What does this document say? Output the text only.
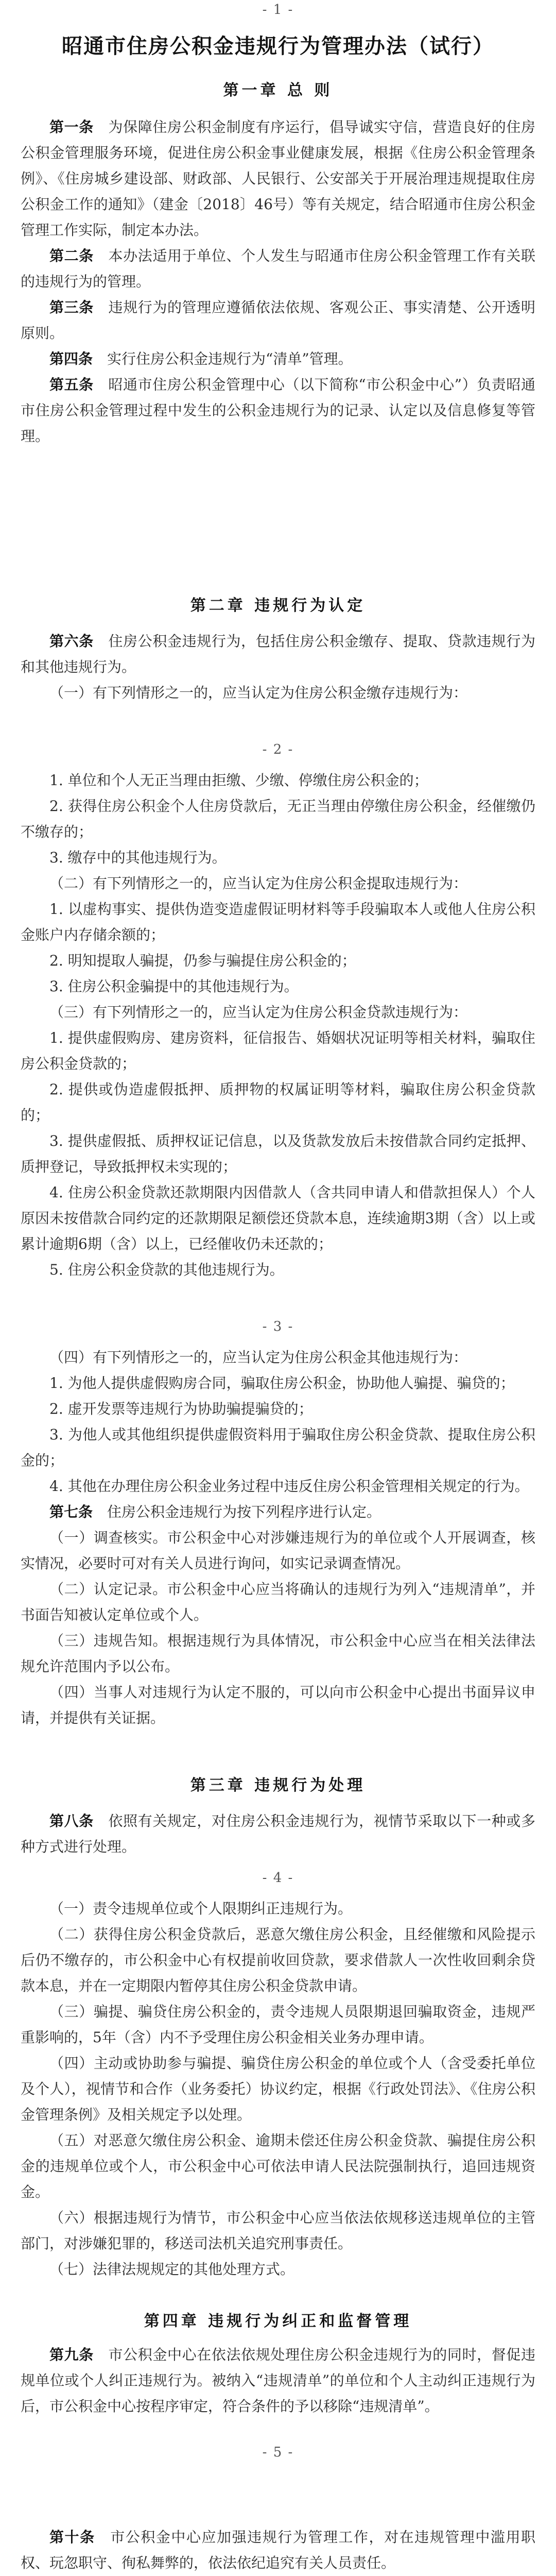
- 1 -
昭通市住房公积金违规行为管理办法（试行）
第一章 总 则

第一条　 为保障住房公积金制度有序运行，倡导诚实守信，营造良好的住房公积金管理服务环境，促进住房公积金事业健康发展，根据《住房公积金管理条例》、《住房城乡建设部、财政部、人民银行、公安部关于开展治理违规提取住房公积金工作的通知》（建金〔2018〕46号）等有关规定，结合昭通市住房公积金管理工作实际，制定本办法。

第二条　 本办法适用于单位、个人发生与昭通市住房公积金管理工作有关联的违规行为的管理。

第三条　 违规行为的管理应遵循依法依规、客观公正、事实清楚、公开透明原则。

第四条　 实行住房公积金违规行为“清单”管理。

第五条　 昭通市住房公积金管理中心（以下简称“市公积金中心”）负责昭通市住房公积金管理过程中发生的公积金违规行为的记录、认定以及信息修复等管理。

第二章 违规行为认定

第六条　 住房公积金违规行为，包括住房公积金缴存、提取、贷款违规行为和其他违规行为。

（一）有下列情形之一的，应当认定为住房公积金缴存违规行为：

- 2 -

1. 单位和个人无正当理由拒缴、少缴、停缴住房公积金的；

2. 获得住房公积金个人住房贷款后，无正当理由停缴住房公积金，经催缴仍不缴存的；

3. 缴存中的其他违规行为。

（二）有下列情形之一的，应当认定为住房公积金提取违规行为：

1. 以虚构事实、提供伪造变造虚假证明材料等手段骗取本人或他人住房公积金账户内存储余额的；

2. 明知提取人骗提，仍参与骗提住房公积金的；

3. 住房公积金骗提中的其他违规行为。

（三）有下列情形之一的，应当认定为住房公积金贷款违规行为：

1. 提供虚假购房、建房资料，征信报告、婚姻状况证明等相关材料，骗取住房公积金贷款的；

2. 提供或伪造虚假抵押、质押物的权属证明等材料，骗取住房公积金贷款的；

3. 提供虚假抵、质押权证记信息，以及货款发放后未按借款合同约定抵押、质押登记，导致抵押权未实现的；

4. 住房公积金贷款还款期限内因借款人（含共同申请人和借款担保人）个人原因未按借款合同约定的还款期限足额偿还贷款本息，连续逾期3期（含）以上或累计逾期6期（含）以上，已经催收仍未还款的；

5. 住房公积金贷款的其他违规行为。

- 3 -

（四）有下列情形之一的，应当认定为住房公积金其他违规行为：

1. 为他人提供虚假购房合同，骗取住房公积金，协助他人骗提、骗贷的；

2. 虚开发票等违规行为协助骗提骗贷的；

3. 为他人或其他组织提供虚假资料用于骗取住房公积金贷款、提取住房公积金的；

4. 其他在办理住房公积金业务过程中违反住房公积金管理相关规定的行为。

第七条　 住房公积金违规行为按下列程序进行认定。

（一）调查核实。市公积金中心对涉嫌违规行为的单位或个人开展调查，核实情况，必要时可对有关人员进行询问，如实记录调查情况。

（二）认定记录。市公积金中心应当将确认的违规行为列入“违规清单”，并书面告知被认定单位或个人。

（三）违规告知。根据违规行为具体情况，市公积金中心应当在相关法律法规允许范围内予以公布。

（四）当事人对违规行为认定不服的，可以向市公积金中心提出书面异议申请，并提供有关证据。

第三章 违规行为处理

第八条　 依照有关规定，对住房公积金违规行为，视情节采取以下一种或多种方式进行处理。

- 4 -

（一）责令违规单位或个人限期纠正违规行为。

（二）获得住房公积金贷款后，恶意欠缴住房公积金，且经催缴和风险提示后仍不缴存的，市公积金中心有权提前收回贷款，要求借款人一次性收回剩余贷款本息，并在一定期限内暂停其住房公积金贷款申请。

（三）骗提、骗贷住房公积金的，责令违规人员限期退回骗取资金，违规严重影响的，5年（含）内不予受理住房公积金相关业务办理申请。

（四）主动或协助参与骗提、骗贷住房公积金的单位或个人（含受委托单位及个人），视情节和合作（业务委托）协议约定，根据《行政处罚法》、《住房公积金管理条例》及相关规定予以处理。

（五）对恶意欠缴住房公积金、逾期未偿还住房公积金贷款、骗提住房公积金的违规单位或个人，市公积金中心可依法申请人民法院强制执行，追回违规资金。

（六）根据违规行为情节，市公积金中心应当依法依规移送违规单位的主管部门，对涉嫌犯罪的，移送司法机关追究刑事责任。

（七）法律法规规定的其他处理方式。

第四章 违规行为纠正和监督管理

第九条　 市公积金中心在依法依规处理住房公积金违规行为的同时，督促违规单位或个人纠正违规行为。被纳入“违规清单”的单位和个人主动纠正违规行为后，市公积金中心按程序审定，符合条件的予以移除“违规清单”。

- 5 -

第十条　 市公积金中心应加强违规行为管理工作，对在违规管理中滥用职权、玩忽职守、徇私舞弊的，依法依纪追究有关人员责任。
